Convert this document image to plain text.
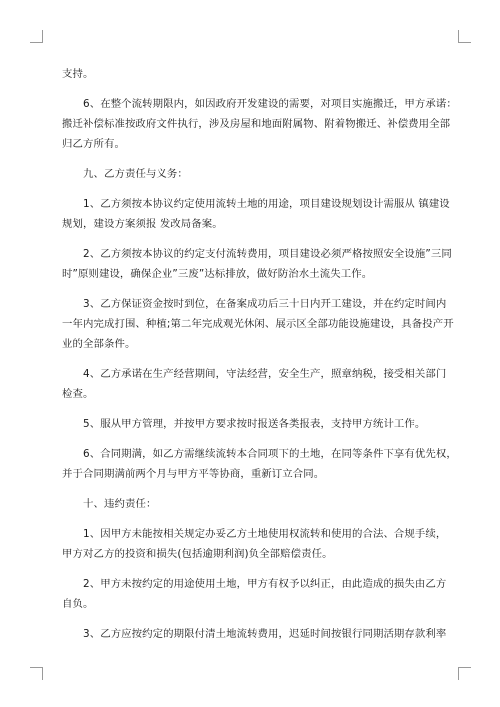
支持。
6、在整个流转期限内，如因政府开发建设的需要，对项目实施搬迁，甲方承诺：
搬迁补偿标准按政府文件执行，涉及房屋和地面附属物、附着物搬迁、补偿费用全部
归乙方所有。
九、乙方责任与义务：
1、乙方须按本协议约定使用流转土地的用途，项目建设规划设计需服从 镇建设
规划，建设方案须报 发改局备案。
2、乙方须按本协议的约定支付流转费用，项目建设必须严格按照安全设施”三同
时”原则建设，确保企业”三废”达标排放，做好防治水土流失工作。
3、乙方保证资金按时到位，在备案成功后三十日内开工建设，并在约定时间内
一年内完成打围、种植;第二年完成观光休闲、展示区全部功能设施建设，具备投产开
业的全部条件。
4、乙方承诺在生产经营期间，守法经营，安全生产，照章纳税，接受相关部门
检查。
5、服从甲方管理，并按甲方要求按时报送各类报表，支持甲方统计工作。
6、合同期满，如乙方需继续流转本合同项下的土地，在同等条件下享有优先权，
并于合同期满前两个月与甲方平等协商，重新订立合同。
十、违约责任：
1、因甲方未能按相关规定办妥乙方土地使用权流转和使用的合法、合规手续，
甲方对乙方的投资和损失(包括逾期利润)负全部赔偿责任。
2、甲方未按约定的用途使用土地，甲方有权予以纠正，由此造成的损失由乙方
自负。
3、乙方应按约定的期限付清土地流转费用，迟延时间按银行同期活期存款利率
